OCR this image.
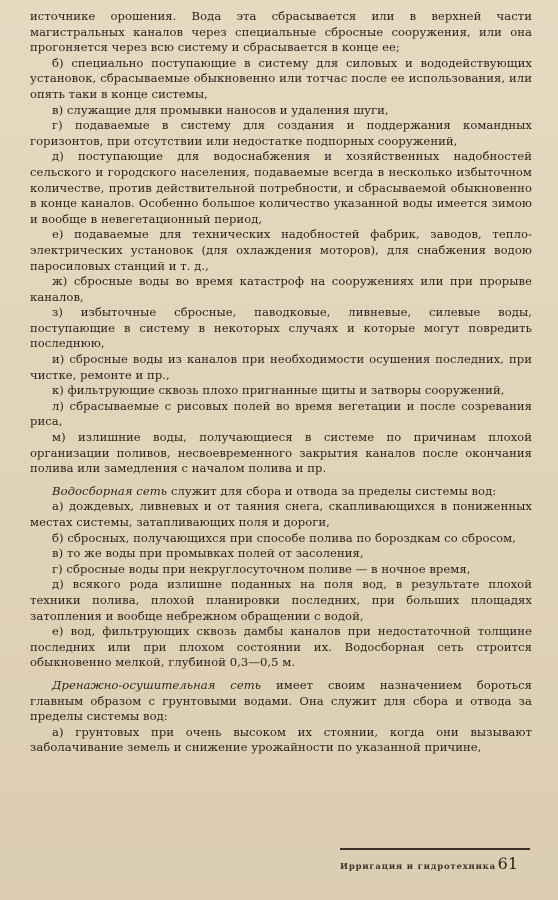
источнике орошения. Вода эта сбрасывается или в верхней части магистральных каналов через специальные сбросные сооружения, или она прогоняется через всю систему и сбрасывается в конце ее;

б) специально поступающие в систему для силовых и вододействующих установок, сбрасываемые обыкновенно или тотчас после ее использования, или опять таки в конце системы,

в) служащие для промывки наносов и удаления шуги,

г) подаваемые в систему для создания и поддержания командных горизонтов, при отсутствии или недостатке подпорных сооружений,

д) поступающие для водоснабжения и хозяйственных надобностей сельского и городского населения, подаваемые всегда в несколько избыточном количестве, против действительной потребности, и сбрасываемой обыкновенно в конце каналов. Особенно большое количество указанной воды имеется зимою и вообще в невегетационный период,

е) подаваемые для технических надобностей фабрик, заводов, тепло-электрических установок (для охлаждения моторов), для снабжения водою паросиловых станций и т. д.,

ж) сбросные воды во время катастроф на сооружениях или при прорыве каналов,

з) избыточные сбросные, паводковые, ливневые, силевые воды, поступающие в систему в некоторых случаях и которые могут повредить последнюю,

и) сбросные воды из каналов при необходимости осушения последних, при чистке, ремонте и пр.,

к) фильтрующие сквозь плохо пригнанные щиты и затворы сооружений,

л) сбрасываемые с рисовых полей во время вегетации и после созревания риса,

м) излишние воды, получающиеся в системе по причинам плохой организации поливов, несвоевременного закрытия каналов после окончания полива или замедления с началом полива и пр.

Водосборная сеть служит для сбора и отвода за пределы системы вод:

а) дождевых, ливневых и от таяния снега, скапливающихся в пониженных местах системы, затапливающих поля и дороги,

б) сбросных, получающихся при способе полива по бороздкам со сбросом,

в) то же воды при промывках полей от засоления,

г) сбросные воды при некруглосуточном поливе — в ночное время,

д) всякого рода излишне поданных на поля вод, в результате плохой техники полива, плохой планировки последних, при больших площадях затопления и вообще небрежном обращении с водой,

е) вод, фильтрующих сквозь дамбы каналов при недостаточной толщине последних или при плохом состоянии их. Водосборная сеть строится обыкновенно мелкой, глубиной 0,3—0,5 м.

Дренажно-осушительная сеть имеет своим назначением бороться главным образом с грунтовыми водами. Она служит для сбора и отвода за пределы системы вод:

а) грунтовых при очень высоком их стоянии, когда они вызывают заболачивание земель и снижение урожайности по указанной причине,

Ирригация и гидротехника 61
